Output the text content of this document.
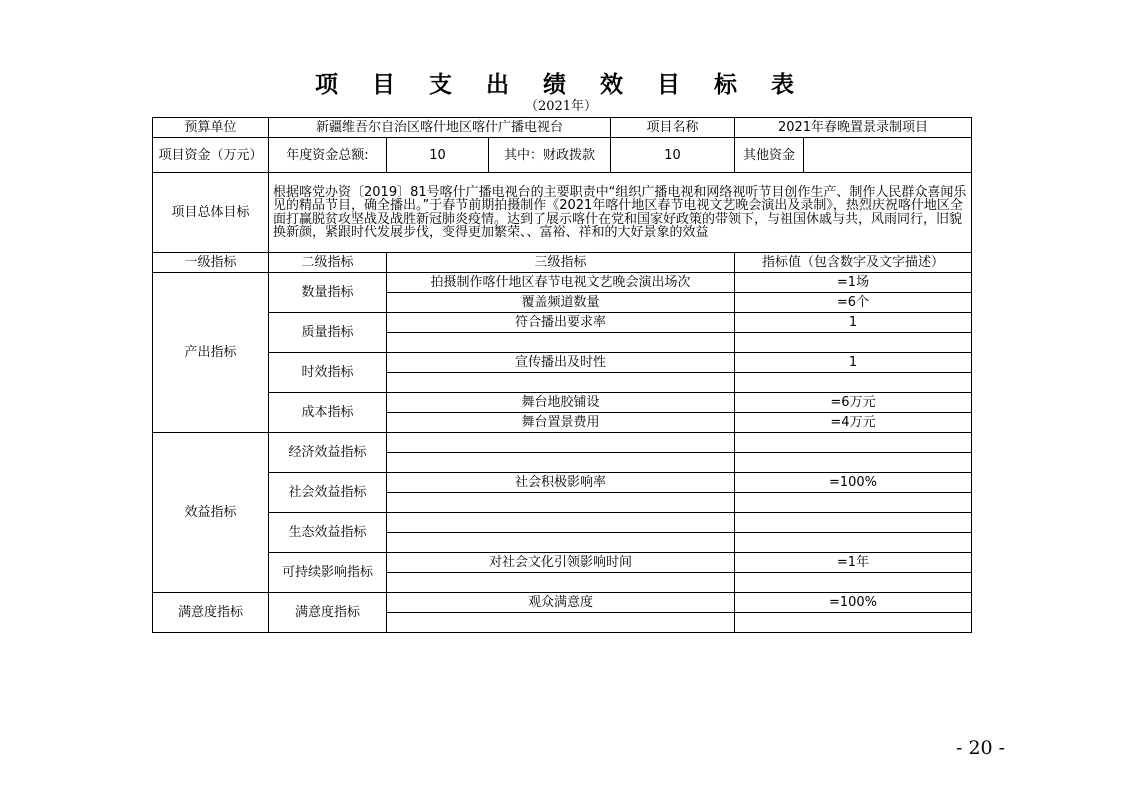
项 目 支 出 绩 效 目 标 表
（2021年）
预算单位	新疆维吾尔自治区喀什地区喀什广播电视台			项目名称	2021年春晚置景录制项目	
项目资金（万元）	年度资金总额:	10	其中：财政拨款	10	其他资金	
项目总体目标	根据喀党办资〔2019〕81号喀什广播电视台的主要职责中“组织广播电视和网络视听节目创作生产、制作人民群众喜闻乐见的精品节目，确全播出。”于春节前期拍摄制作《2021年喀什地区春节电视文艺晚会演出及录制》，热烈庆祝喀什地区全面打赢脱贫攻坚战及战胜新冠肺炎疫情。达到了展示喀什在党和国家好政策的带领下，与祖国休戚与共，风雨同行，旧貌换新颜，紧跟时代发展步伐，变得更加繁荣、、富裕、祥和的大好景象的效益					
一级指标	二级指标	三级指标			指标值（包含数字及文字描述）	
产出指标	数量指标	拍摄制作喀什地区春节电视文艺晚会演出场次			=1场	
		覆盖频道数量			=6个	
	质量指标	符合播出要求率			1	

	时效指标	宣传播出及时性			1	

	成本指标	舞台地胶铺设			=6万元	
		舞台置景费用			=4万元	
效益指标	经济效益指标					

	社会效益指标	社会积极影响率			=100%	

	生态效益指标					

	可持续影响指标	对社会文化引领影响时间			=1年	

满意度指标	满意度指标	观众满意度			=100%	

- 20 -
